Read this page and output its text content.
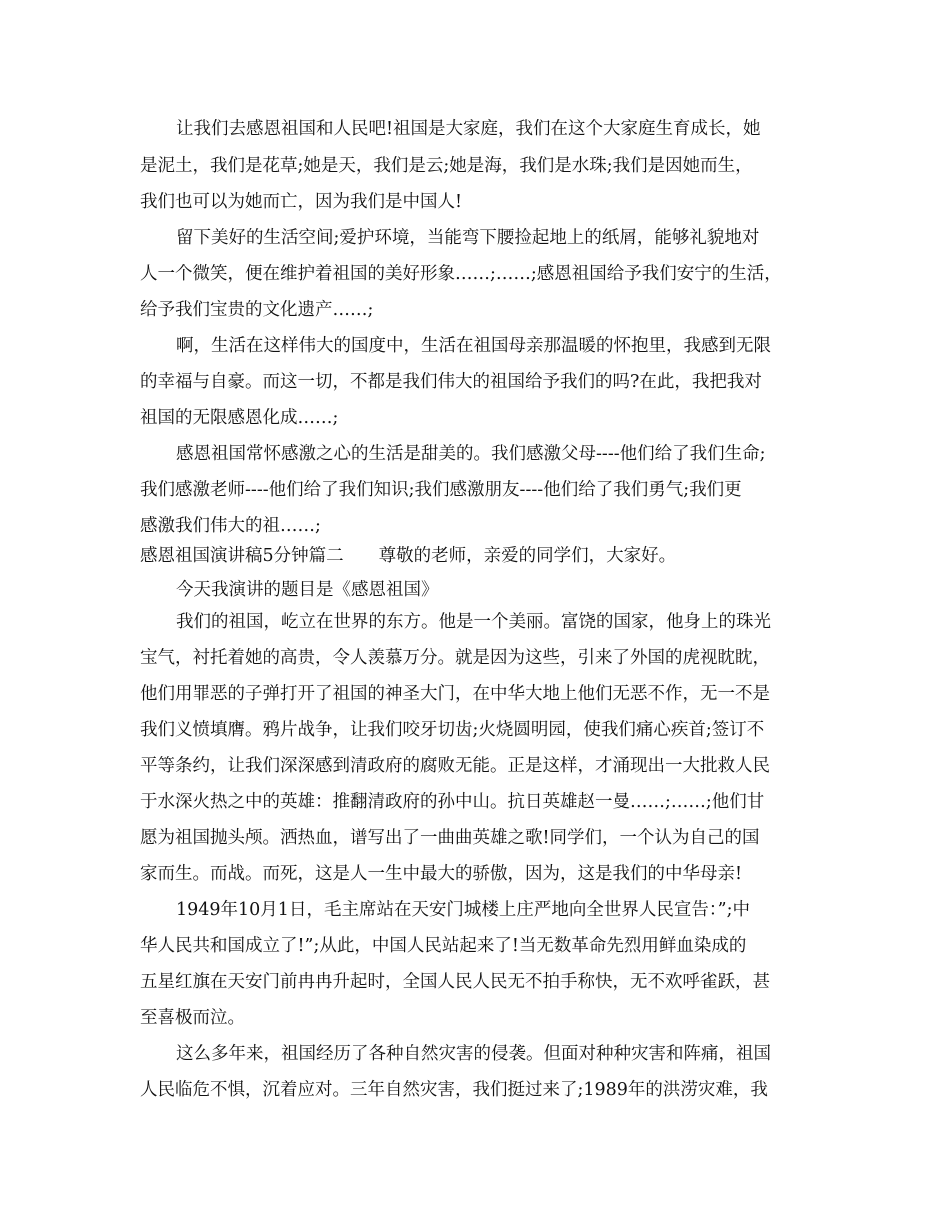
让我们去感恩祖国和人民吧!祖国是大家庭，我们在这个大家庭生育成长，她
是泥土，我们是花草;她是天，我们是云;她是海，我们是水珠;我们是因她而生，
我们也可以为她而亡，因为我们是中国人!
留下美好的生活空间;爱护环境，当能弯下腰捡起地上的纸屑，能够礼貌地对
人一个微笑，便在维护着祖国的美好形象……;……;感恩祖国给予我们安宁的生活，
给予我们宝贵的文化遗产……;
啊，生活在这样伟大的国度中，生活在祖国母亲那温暖的怀抱里，我感到无限
的幸福与自豪。而这一切，不都是我们伟大的祖国给予我们的吗?在此，我把我对
祖国的无限感恩化成……;
感恩祖国常怀感激之心的生活是甜美的。我们感激父母----他们给了我们生命;
我们感激老师----他们给了我们知识;我们感激朋友----他们给了我们勇气;我们更
感激我们伟大的祖……;
感恩祖国演讲稿5分钟篇二　　尊敬的老师，亲爱的同学们，大家好。
今天我演讲的题目是《感恩祖国》
我们的祖国，屹立在世界的东方。他是一个美丽。富饶的国家，他身上的珠光
宝气，衬托着她的高贵，令人羡慕万分。就是因为这些，引来了外国的虎视眈眈，
他们用罪恶的子弹打开了祖国的神圣大门，在中华大地上他们无恶不作，无一不是
我们义愤填膺。鸦片战争，让我们咬牙切齿;火烧圆明园，使我们痛心疾首;签订不
平等条约，让我们深深感到清政府的腐败无能。正是这样，才涌现出一大批救人民
于水深火热之中的英雄：推翻清政府的孙中山。抗日英雄赵一曼……;……;他们甘
愿为祖国抛头颅。洒热血，谱写出了一曲曲英雄之歌!同学们，一个认为自己的国
家而生。而战。而死，这是人一生中最大的骄傲，因为，这是我们的中华母亲!
1949年10月1日，毛主席站在天安门城楼上庄严地向全世界人民宣告：”;中
华人民共和国成立了!”;从此，中国人民站起来了!当无数革命先烈用鲜血染成的
五星红旗在天安门前冉冉升起时，全国人民人民无不拍手称快，无不欢呼雀跃，甚
至喜极而泣。
这么多年来，祖国经历了各种自然灾害的侵袭。但面对种种灾害和阵痛，祖国
人民临危不惧，沉着应对。三年自然灾害，我们挺过来了;1989年的洪涝灾难，我
